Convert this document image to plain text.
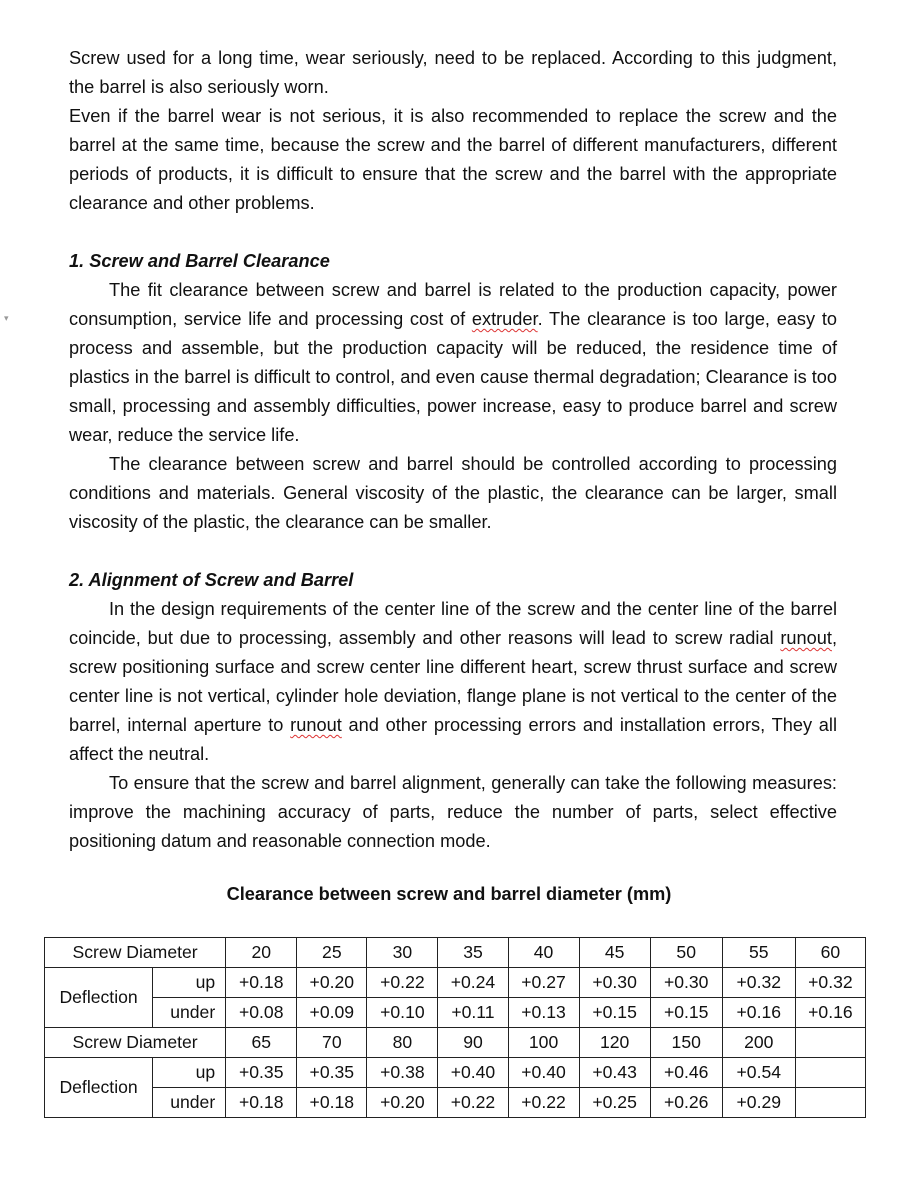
▾

Screw used for a long time, wear seriously, need to be replaced. According to this judgment, the barrel is also seriously worn.

Even if the barrel wear is not serious, it is also recommended to replace the screw and the barrel at the same time, because the screw and the barrel of different manufacturers, different periods of products, it is difficult to ensure that the screw and the barrel with the appropriate clearance and other problems.

1. Screw and Barrel Clearance

The fit clearance between screw and barrel is related to the production capacity, power consumption, service life and processing cost of extruder. The clearance is too large, easy to process and assemble, but the production capacity will be reduced, the residence time of plastics in the barrel is difficult to control, and even cause thermal degradation; Clearance is too small, processing and assembly difficulties, power increase, easy to produce barrel and screw wear, reduce the service life.

The clearance between screw and barrel should be controlled according to processing conditions and materials. General viscosity of the plastic, the clearance can be larger, small viscosity of the plastic, the clearance can be smaller.

2. Alignment of Screw and Barrel

In the design requirements of the center line of the screw and the center line of the barrel coincide, but due to processing, assembly and other reasons will lead to screw radial runout, screw positioning surface and screw center line different heart, screw thrust surface and screw center line is not vertical, cylinder hole deviation, flange plane is not vertical to the center of the barrel, internal aperture to runout and other processing errors and installation errors, They all affect the neutral.

To ensure that the screw and barrel alignment, generally can take the following measures: improve the machining accuracy of parts, reduce the number of parts, select effective positioning datum and reasonable connection mode.

Clearance between screw and barrel diameter (mm)
Screw Diameter		20	25	30	35	40	45	50	55	60
Deflection	up	+0.18	+0.20	+0.22	+0.24	+0.27	+0.30	+0.30	+0.32	+0.32
	under	+0.08	+0.09	+0.10	+0.11	+0.13	+0.15	+0.15	+0.16	+0.16
Screw Diameter		65	70	80	90	100	120	150	200	
Deflection	up	+0.35	+0.35	+0.38	+0.40	+0.40	+0.43	+0.46	+0.54	
	under	+0.18	+0.18	+0.20	+0.22	+0.22	+0.25	+0.26	+0.29	
